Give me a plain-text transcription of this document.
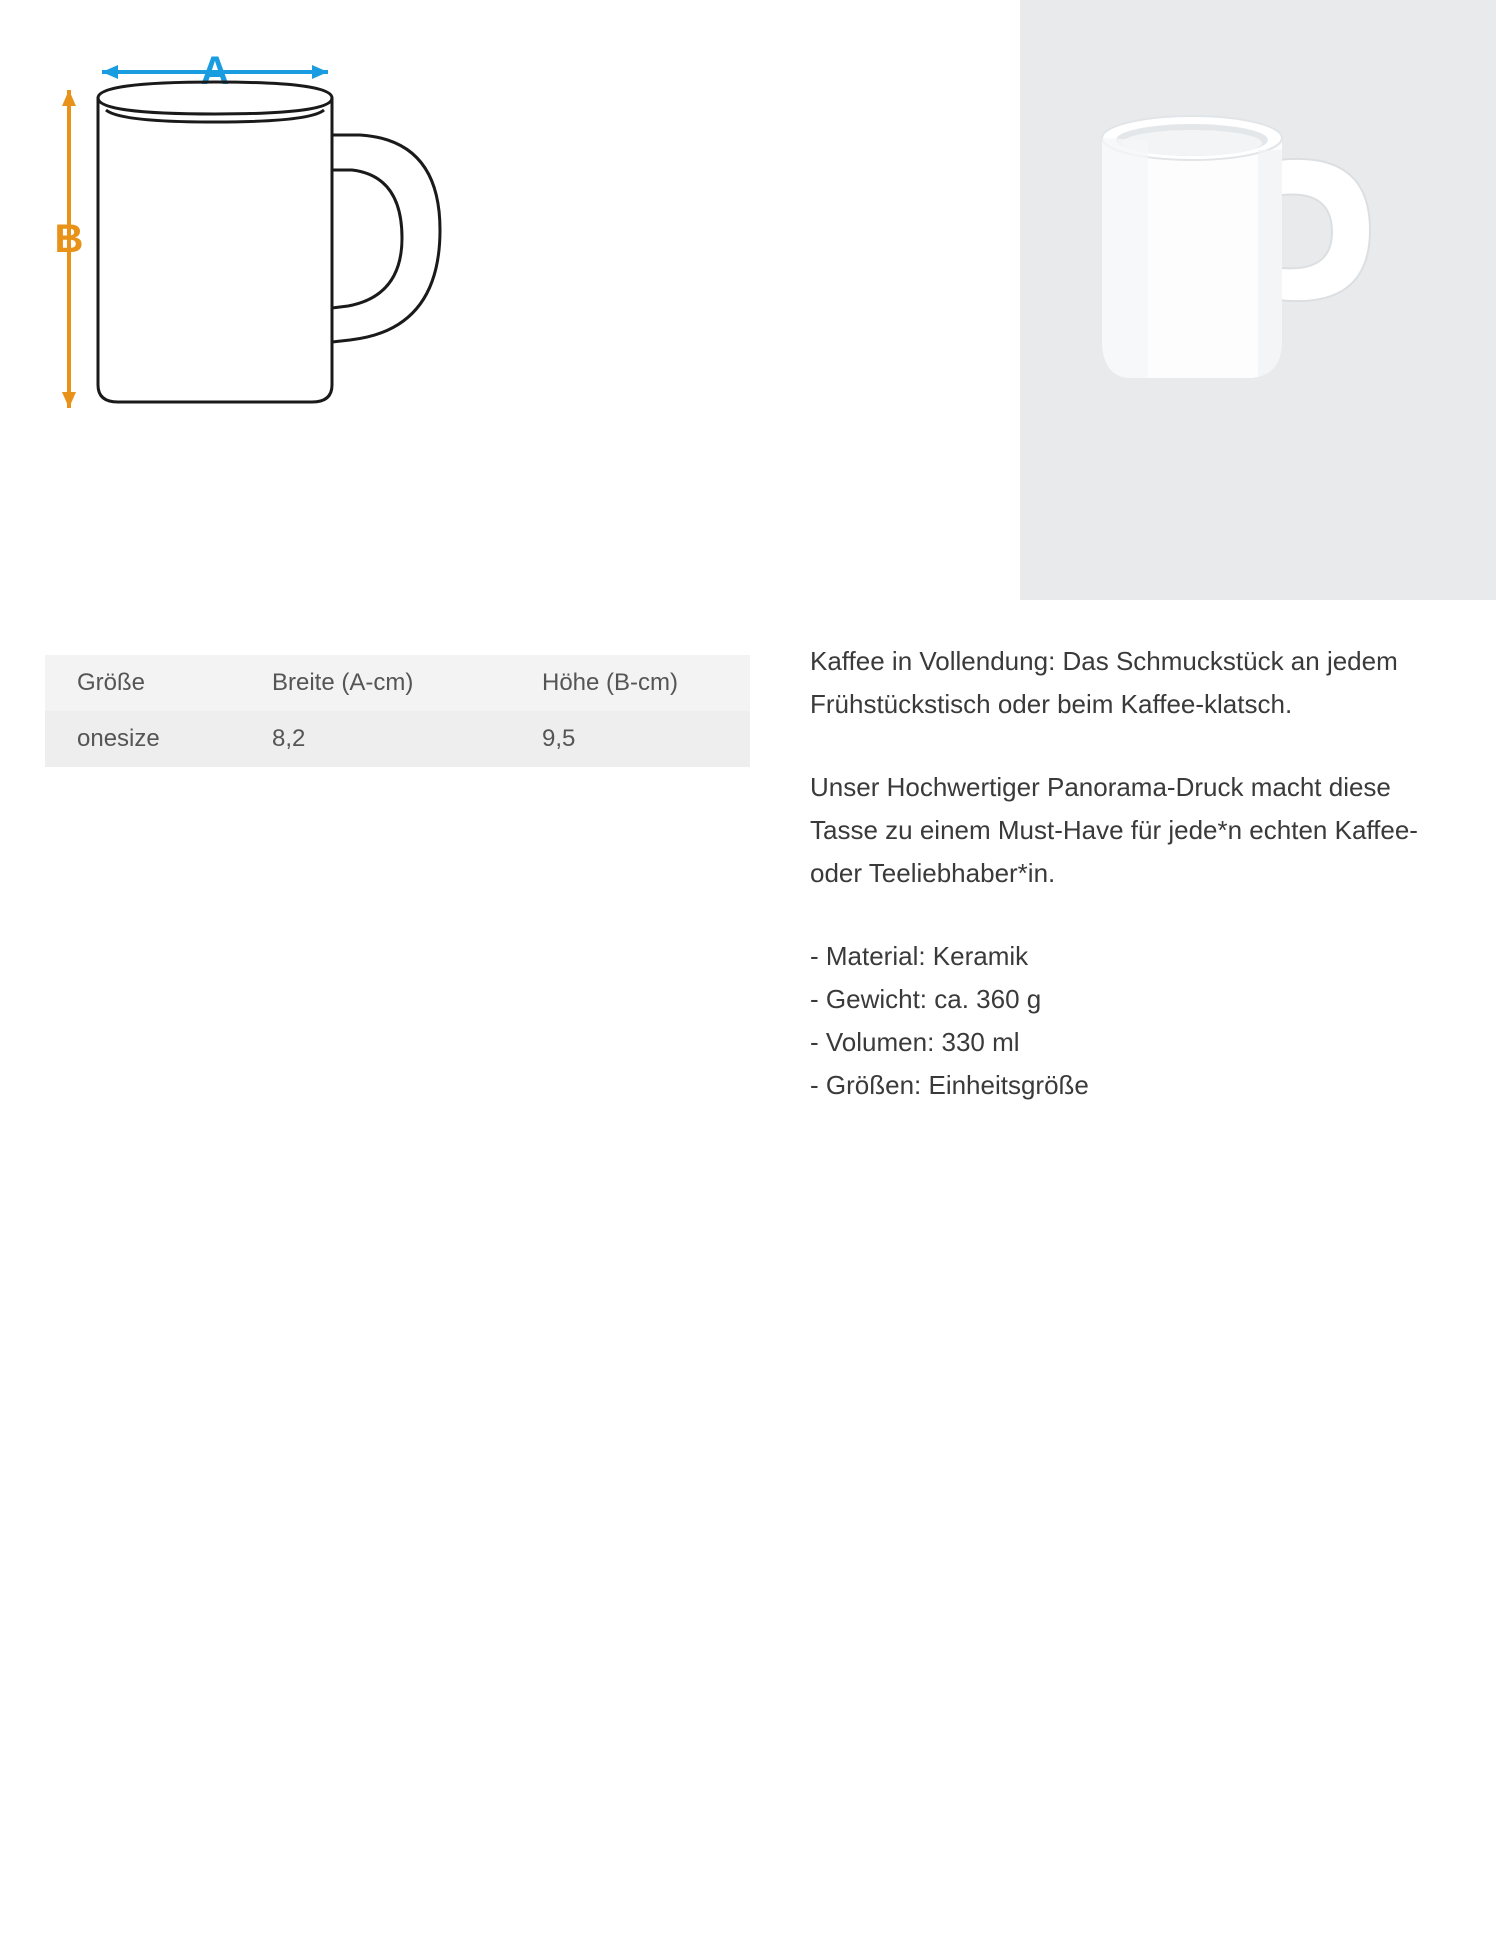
A
B
Größe	Breite (A-cm)	Höhe (B-cm)
onesize	8,2	9,5

Kaffee in Vollendung: Das Schmuckstück an jedem Frühstückstisch oder beim Kaffee-klatsch.

Unser Hochwertiger Panorama-Druck macht diese Tasse zu einem Must-Have für jede*n echten Kaffee- oder Teeliebhaber*in.

- Material: Keramik
- Gewicht: ca. 360 g
- Volumen: 330 ml
- Größen: Einheitsgröße
